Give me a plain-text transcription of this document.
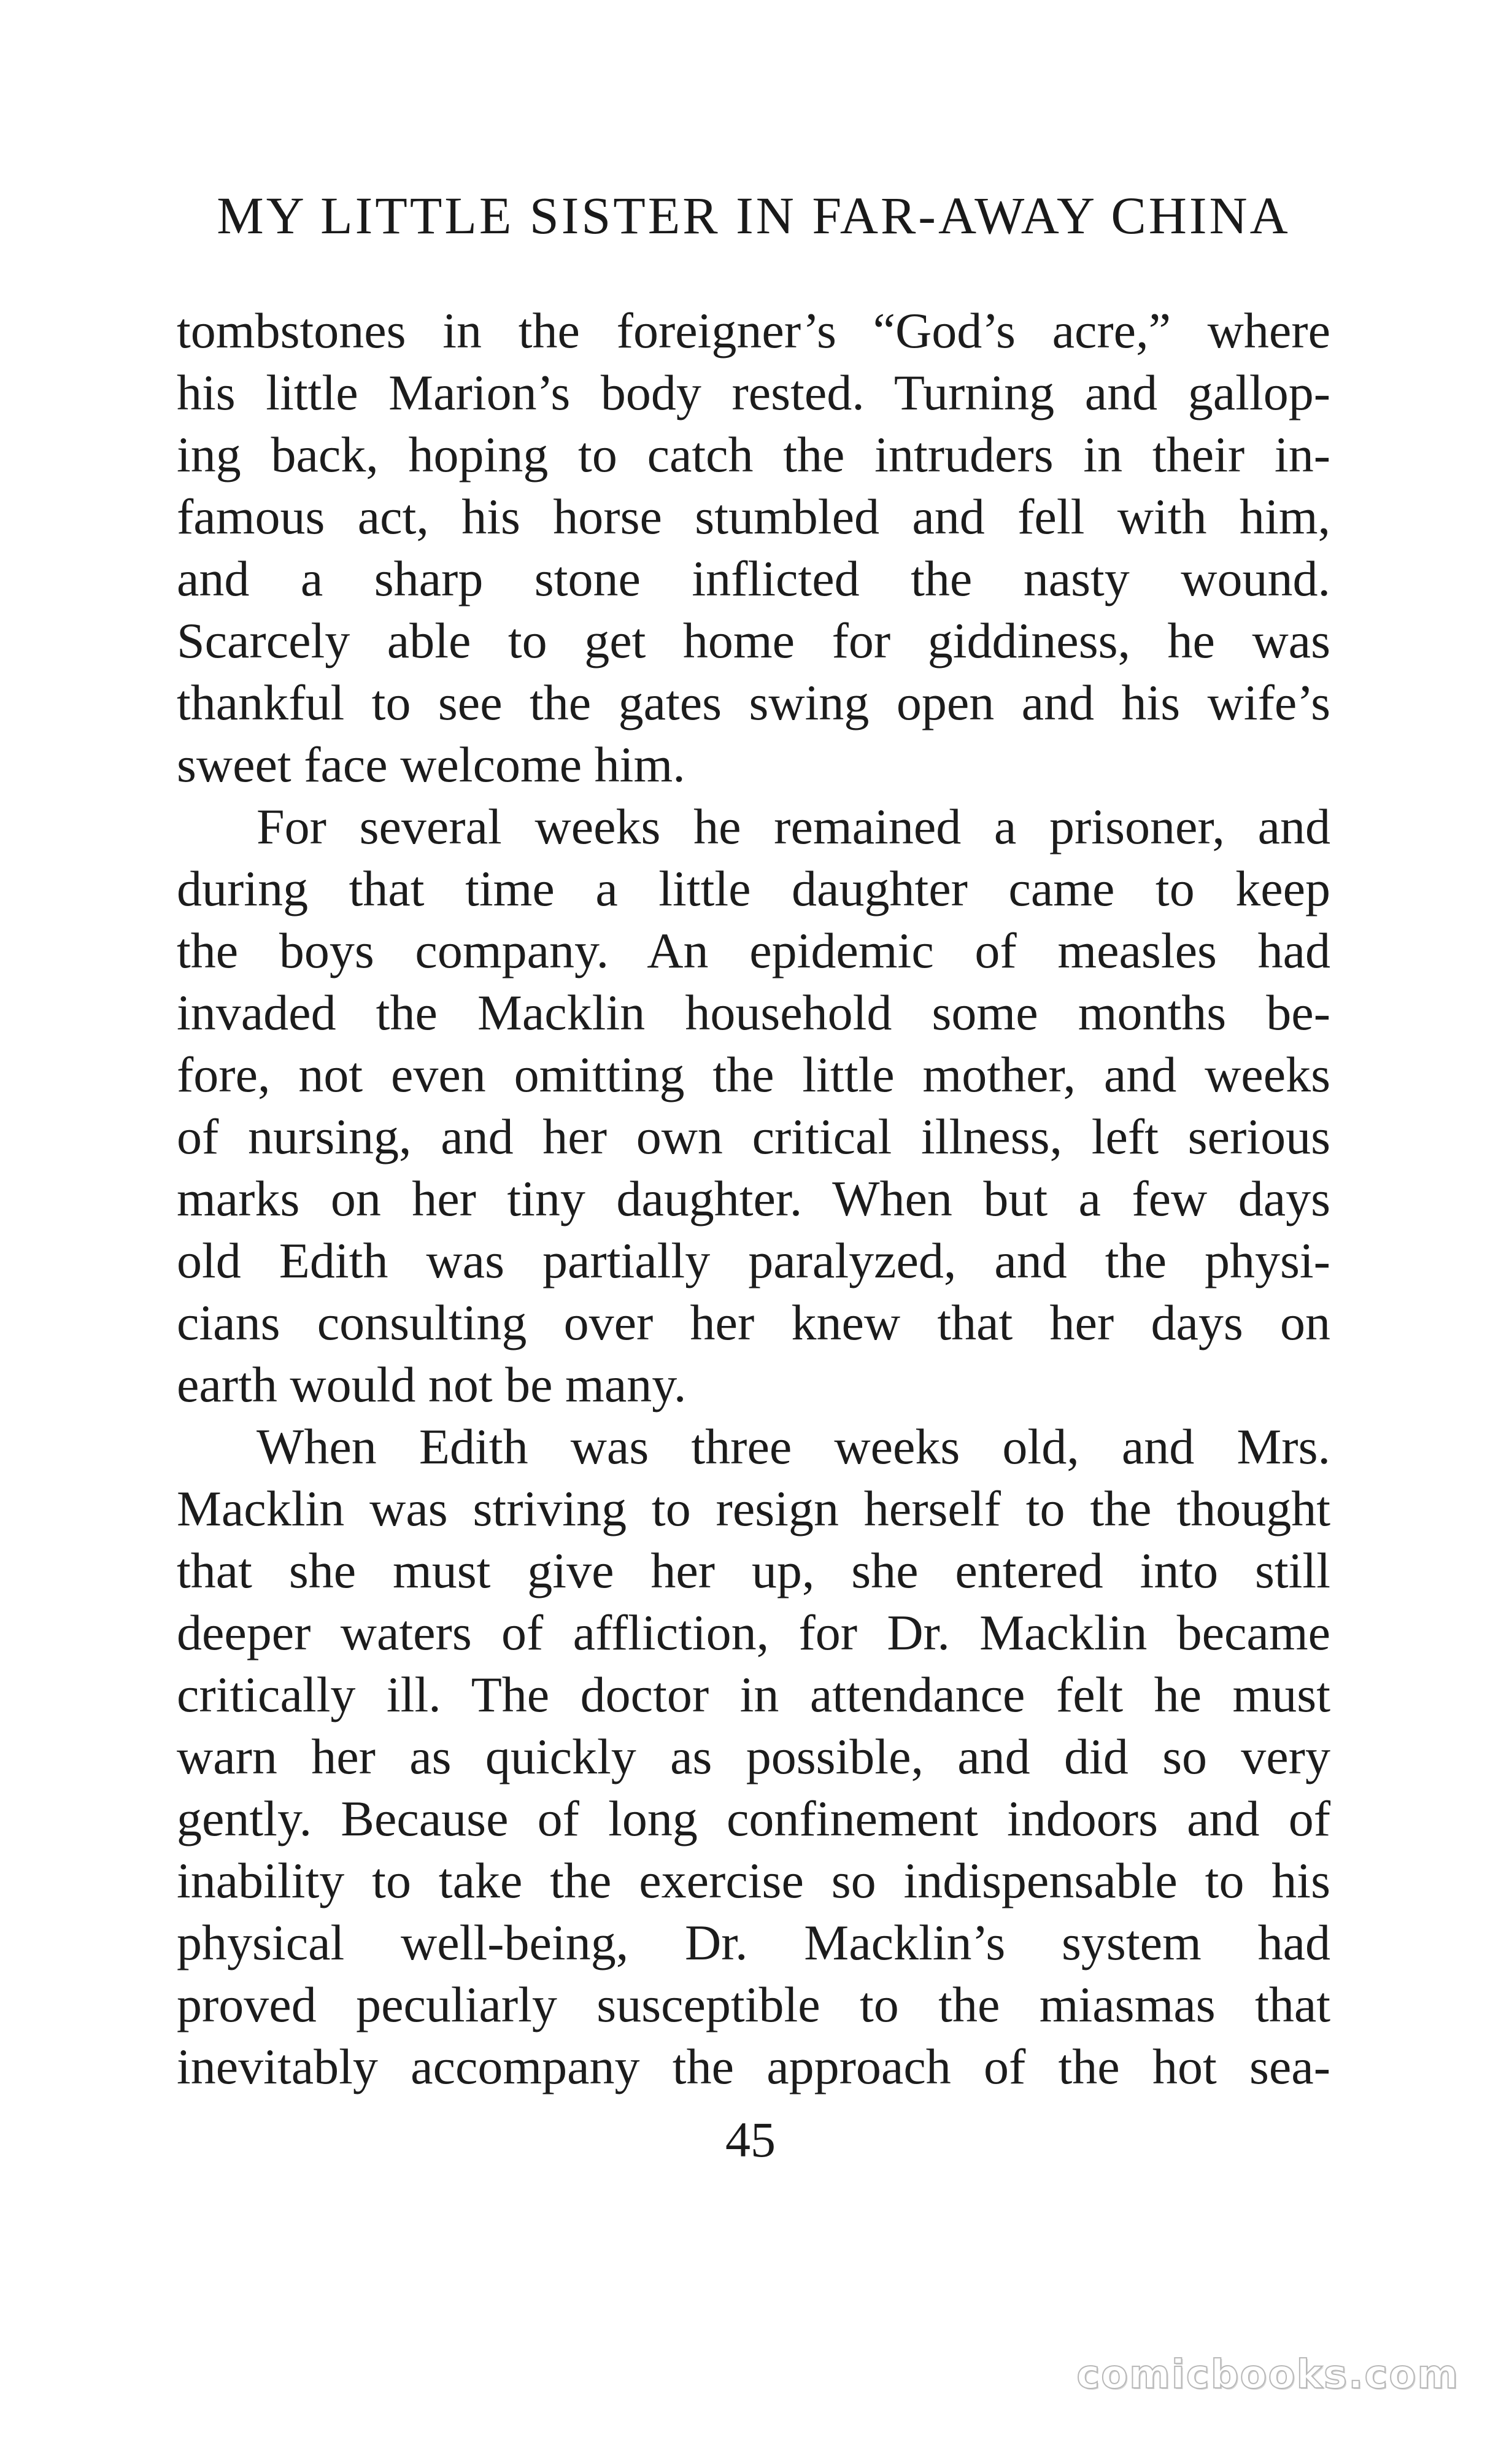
MY LITTLE SISTER IN FAR-AWAY CHINA
tombstones in the foreigner’s “God’s acre,” where
his little Marion’s body rested. Turning and gallop-
ing back, hoping to catch the intruders in their in-
famous act, his horse stumbled and fell with him,
and a sharp stone inflicted the nasty wound.
Scarcely able to get home for giddiness, he was
thankful to see the gates swing open and his wife’s
sweet face welcome him.
For several weeks he remained a prisoner, and
during that time a little daughter came to keep
the boys company. An epidemic of measles had
invaded the Macklin household some months be-
fore, not even omitting the little mother, and weeks
of nursing, and her own critical illness, left serious
marks on her tiny daughter. When but a few days
old Edith was partially paralyzed, and the physi-
cians consulting over her knew that her days on
earth would not be many.
When Edith was three weeks old, and Mrs.
Macklin was striving to resign herself to the thought
that she must give her up, she entered into still
deeper waters of affliction, for Dr. Macklin became
critically ill. The doctor in attendance felt he must
warn her as quickly as possible, and did so very
gently. Because of long confinement indoors and of
inability to take the exercise so indispensable to his
physical well-being, Dr. Macklin’s system had
proved peculiarly susceptible to the miasmas that
inevitably accompany the approach of the hot sea-
45
comicbooks.com
